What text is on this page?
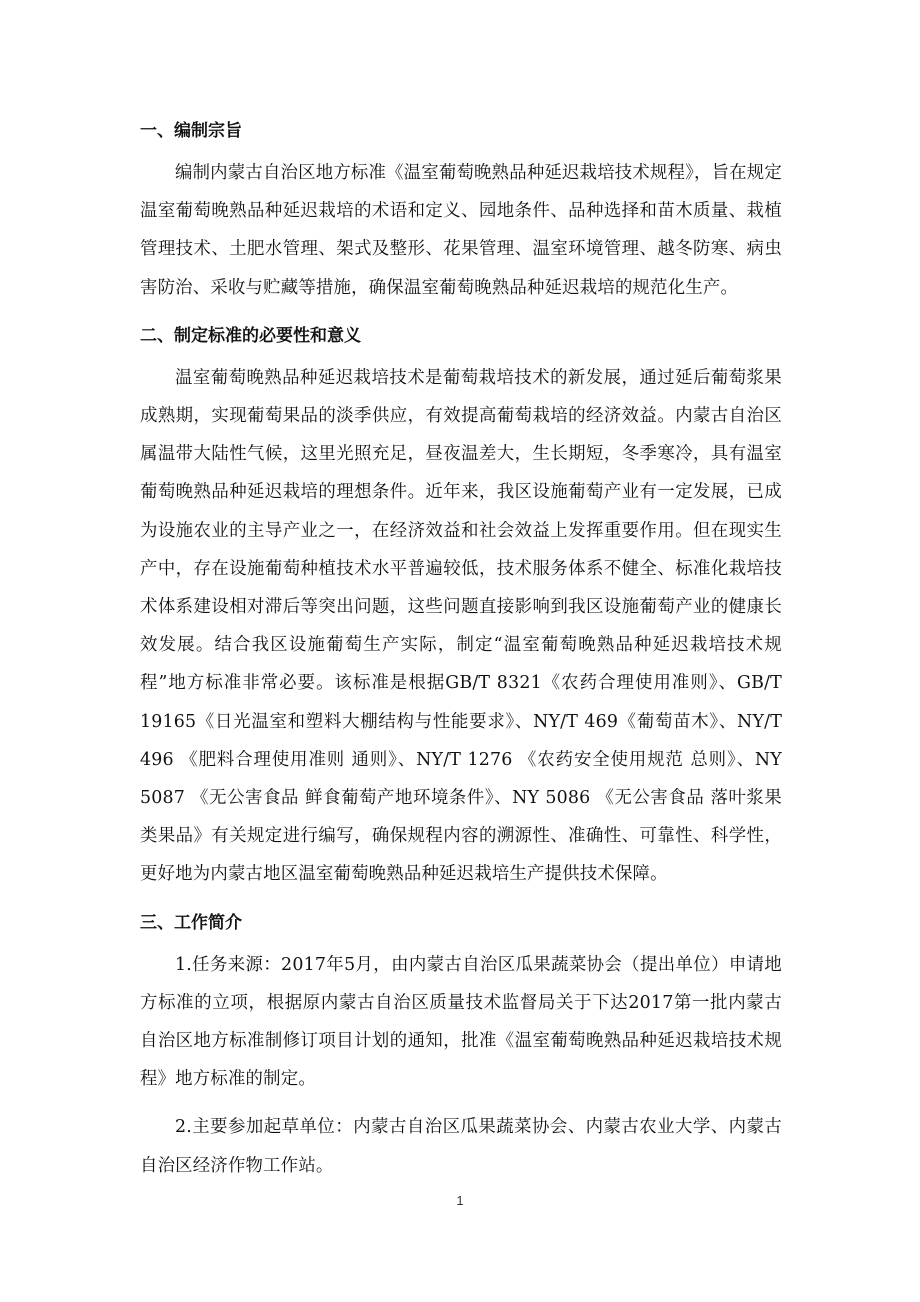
一、编制宗旨

编制内蒙古自治区地方标准《温室葡萄晚熟品种延迟栽培技术规程》，旨在规定温室葡萄晚熟品种延迟栽培的术语和定义、园地条件、品种选择和苗木质量、栽植管理技术、土肥水管理、架式及整形、花果管理、温室环境管理、越冬防寒、病虫害防治、采收与贮藏等措施，确保温室葡萄晚熟品种延迟栽培的规范化生产。

二、制定标准的必要性和意义

温室葡萄晚熟品种延迟栽培技术是葡萄栽培技术的新发展，通过延后葡萄浆果成熟期，实现葡萄果品的淡季供应，有效提高葡萄栽培的经济效益。内蒙古自治区属温带大陆性气候，这里光照充足，昼夜温差大，生长期短，冬季寒冷，具有温室葡萄晚熟品种延迟栽培的理想条件。近年来，我区设施葡萄产业有一定发展，已成为设施农业的主导产业之一，在经济效益和社会效益上发挥重要作用。但在现实生产中，存在设施葡萄种植技术水平普遍较低，技术服务体系不健全、标准化栽培技术体系建设相对滞后等突出问题，这些问题直接影响到我区设施葡萄产业的健康长效发展。结合我区设施葡萄生产实际，制定“温室葡萄晚熟品种延迟栽培技术规程”地方标准非常必要。该标准是根据GB/T 8321《农药合理使用准则》、GB/T 19165《日光温室和塑料大棚结构与性能要求》、NY/T 469《葡萄苗木》、NY/T 496 《肥料合理使用准则 通则》、NY/T 1276 《农药安全使用规范 总则》、NY 5087 《无公害食品 鲜食葡萄产地环境条件》、NY 5086 《无公害食品 落叶浆果类果品》有关规定进行编写，确保规程内容的溯源性、准确性、可靠性、科学性，更好地为内蒙古地区温室葡萄晚熟品种延迟栽培生产提供技术保障。

三、工作简介

1.任务来源：2017年5月，由内蒙古自治区瓜果蔬菜协会（提出单位）申请地方标准的立项，根据原内蒙古自治区质量技术监督局关于下达2017第一批内蒙古自治区地方标准制修订项目计划的通知，批准《温室葡萄晚熟品种延迟栽培技术规程》地方标准的制定。

2.主要参加起草单位：内蒙古自治区瓜果蔬菜协会、内蒙古农业大学、内蒙古自治区经济作物工作站。

1
